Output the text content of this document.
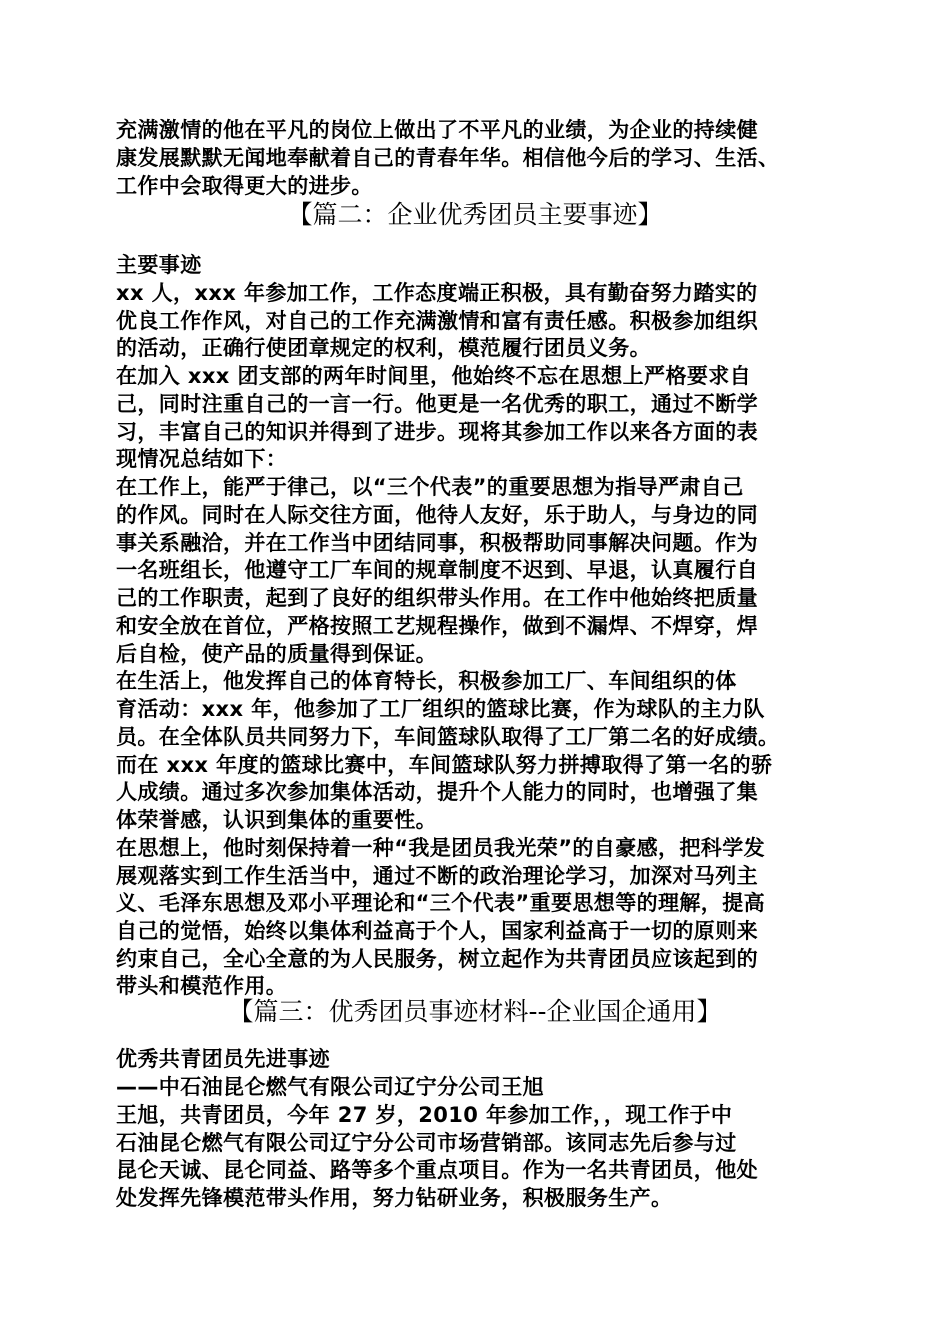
充满激情的他在平凡的岗位上做出了不平凡的业绩，为企业的持续健
康发展默默无闻地奉献着自己的青春年华。相信他今后的学习、生活、
工作中会取得更大的进步。
【篇二：企业优秀团员主要事迹】
主要事迹
xx 人，xxx 年参加工作，工作态度端正积极，具有勤奋努力踏实的
优良工作作风，对自己的工作充满激情和富有责任感。积极参加组织
的活动，正确行使团章规定的权利，模范履行团员义务。
在加入 xxx 团支部的两年时间里，他始终不忘在思想上严格要求自
己，同时注重自己的一言一行。他更是一名优秀的职工，通过不断学
习，丰富自己的知识并得到了进步。现将其参加工作以来各方面的表
现情况总结如下：
在工作上，能严于律己，以“三个代表”的重要思想为指导严肃自己
的作风。同时在人际交往方面，他待人友好，乐于助人，与身边的同
事关系融洽，并在工作当中团结同事，积极帮助同事解决问题。作为
一名班组长，他遵守工厂车间的规章制度不迟到、早退，认真履行自
己的工作职责，起到了良好的组织带头作用。在工作中他始终把质量
和安全放在首位，严格按照工艺规程操作，做到不漏焊、不焊穿，焊
后自检，使产品的质量得到保证。
在生活上，他发挥自己的体育特长，积极参加工厂、车间组织的体
育活动：xxx 年，他参加了工厂组织的篮球比赛，作为球队的主力队
员。在全体队员共同努力下，车间篮球队取得了工厂第二名的好成绩。
而在 xxx 年度的篮球比赛中，车间篮球队努力拼搏取得了第一名的骄
人成绩。通过多次参加集体活动，提升个人能力的同时，也增强了集
体荣誉感，认识到集体的重要性。
在思想上，他时刻保持着一种“我是团员我光荣”的自豪感，把科学发
展观落实到工作生活当中，通过不断的政治理论学习，加深对马列主
义、毛泽东思想及邓小平理论和“三个代表”重要思想等的理解，提高
自己的觉悟，始终以集体利益高于个人，国家利益高于一切的原则来
约束自己，全心全意的为人民服务，树立起作为共青团员应该起到的
带头和模范作用。
【篇三：优秀团员事迹材料--企业国企通用】
优秀共青团员先进事迹
——中石油昆仑燃气有限公司辽宁分公司王旭
王旭，共青团员，今年 27 岁，2010 年参加工作，，现工作于中
石油昆仑燃气有限公司辽宁分公司市场营销部。该同志先后参与过
昆仑天诚、昆仑同益、路等多个重点项目。作为一名共青团员，他处
处发挥先锋模范带头作用，努力钻研业务，积极服务生产。
